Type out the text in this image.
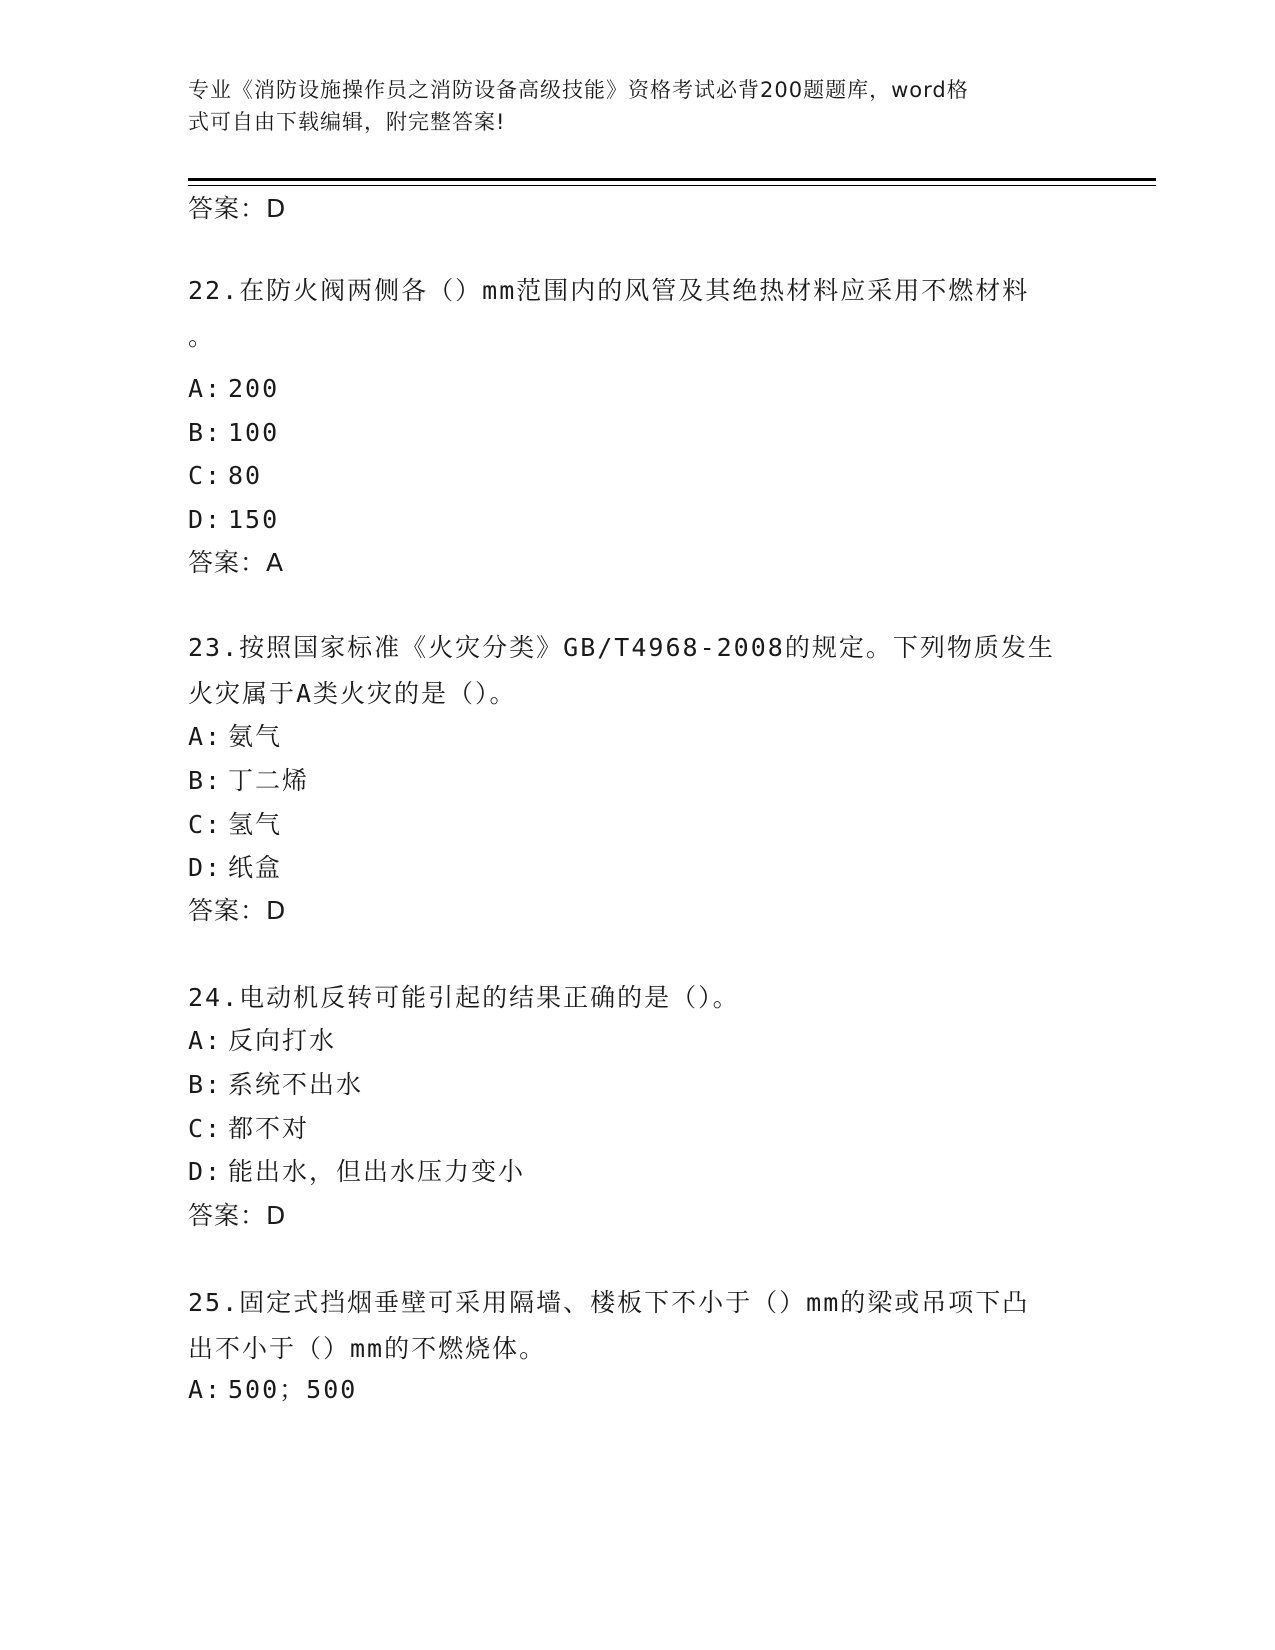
专业《消防设施操作员之消防设备高级技能》资格考试必背200题题库，word格
式可自由下载编辑，附完整答案!
答案：D
22.在防火阀两侧各（）mm范围内的风管及其绝热材料应采用不燃材料
。
A: 200
B: 100
C: 80
D: 150
答案：A
23.按照国家标准《火灾分类》GB/T4968-2008的规定。下列物质发生
火灾属于A类火灾的是（）。
A: 氨气
B: 丁二烯
C: 氢气
D: 纸盒
答案：D
24.电动机反转可能引起的结果正确的是（）。
A: 反向打水
B: 系统不出水
C: 都不对
D: 能出水，但出水压力变小
答案：D
25.固定式挡烟垂壁可采用隔墙、楼板下不小于（）mm的梁或吊项下凸
出不小于（）mm的不燃烧体。
A: 500；500
